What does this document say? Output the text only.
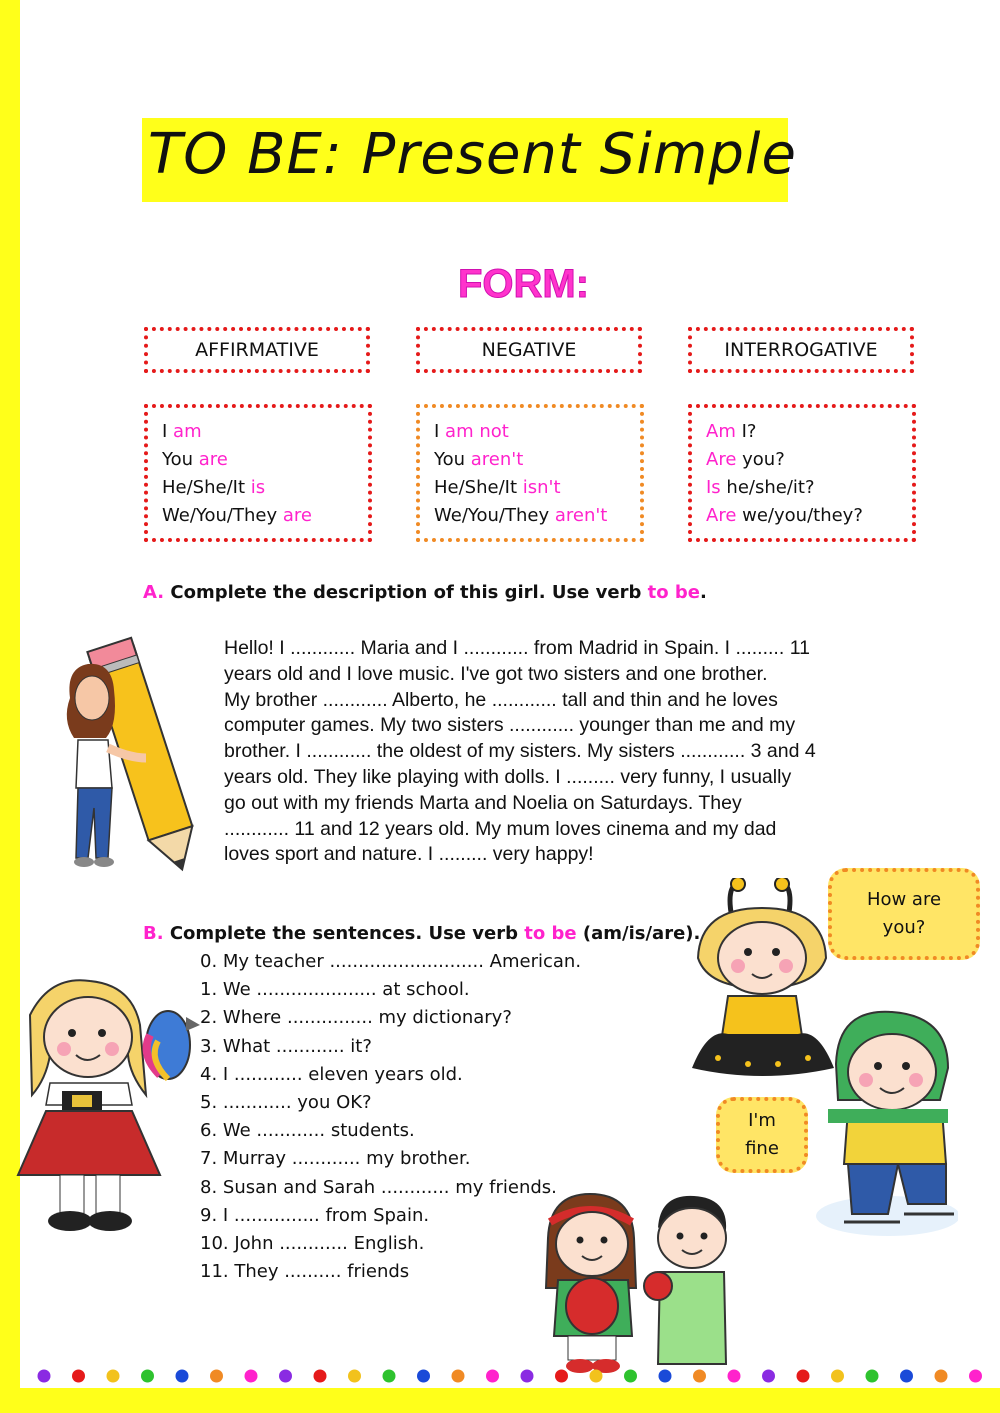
TO BE: Present Simple
FORM:
AFFIRMATIVE	NEGATIVE	INTERROGATIVE
I am
You are
He/She/It is
We/You/They are
I am not
You aren't
He/She/It isn't
We/You/They aren't
Am I?
Are you?
Is he/she/it?
Are we/you/they?
A. Complete the description of this girl. Use verb to be.
Hello! I ............ Maria and I ............ from Madrid in Spain. I ......... 11
years old and I love music. I've got two sisters and one brother.
My brother ............ Alberto, he ............ tall and thin and he loves
computer games. My two sisters ............ younger than me and my
brother. I ............ the oldest of my sisters. My sisters ............ 3 and 4
years old. They like playing with dolls. I ......... very funny, I usually
go out with my friends Marta and Noelia on Saturdays. They
............ 11 and 12 years old. My mum loves cinema and my dad
loves sport and nature. I ......... very happy!
B. Complete the sentences. Use verb to be (am/is/are).
0. My teacher ........................... American.
1. We ..................... at school.
2. Where ............... my dictionary?
3. What ............ it?
4. I ............ eleven years old.
5. ............ you OK?
6. We ............ students.
7. Murray ............ my brother.
8. Susan and Sarah ............ my friends.
9. I ............... from Spain.
10. John ............ English.
11. They .......... friends
How are
you?
I'm
fine
